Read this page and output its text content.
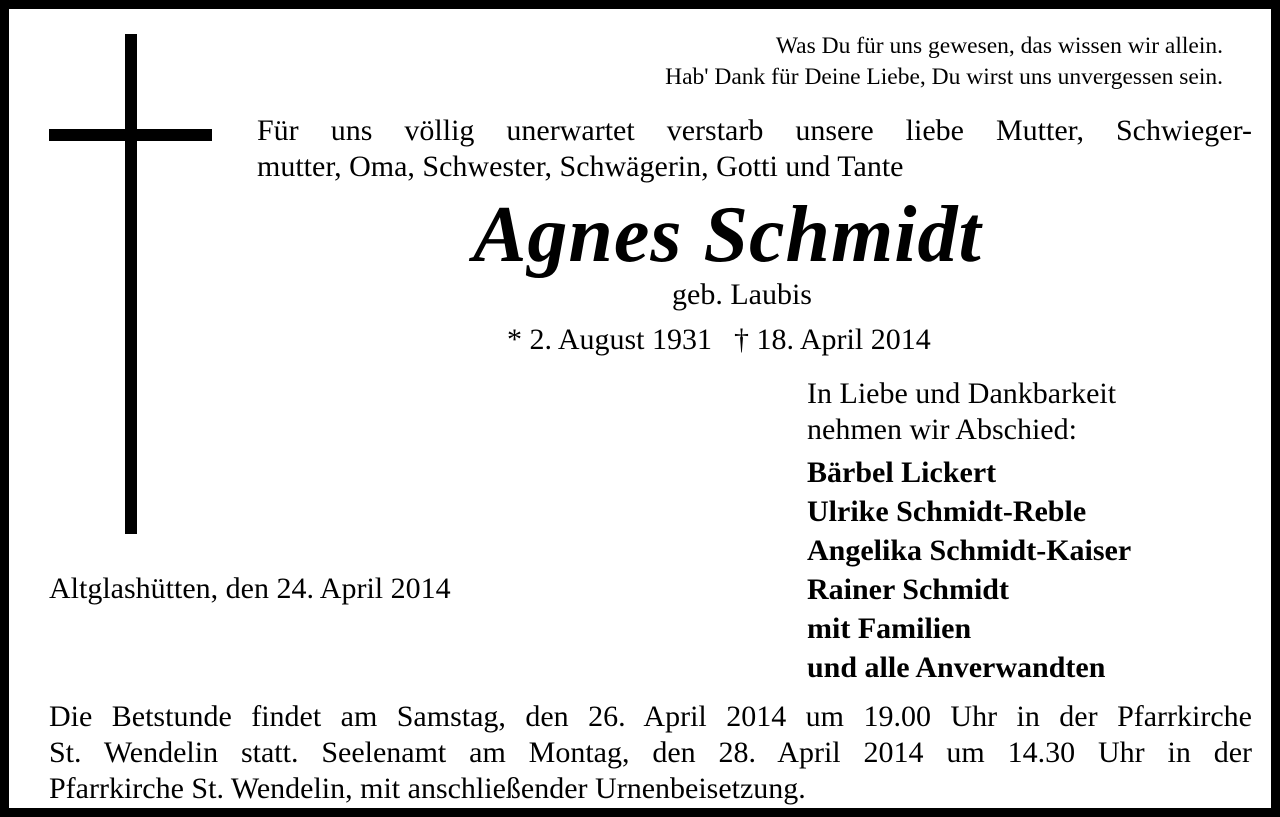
Was Du für uns gewesen, das wissen wir allein.
Hab' Dank für Deine Liebe, Du wirst uns unvergessen sein.
Für uns völlig unerwartet verstarb unsere liebe Mutter, Schwieger-
mutter, Oma, Schwester, Schwägerin, Gotti und Tante
Agnes Schmidt
geb. Laubis
* 2. August 1931 † 18. April 2014
In Liebe und Dankbarkeit
nehmen wir Abschied:
Bärbel Lickert
Ulrike Schmidt-Reble
Angelika Schmidt-Kaiser
Rainer Schmidt
mit Familien
und alle Anverwandten
Altglashütten, den 24. April 2014
Die Betstunde findet am Samstag, den 26. April 2014 um 19.00 Uhr in der Pfarrkirche
St. Wendelin statt. Seelenamt am Montag, den 28. April 2014 um 14.30 Uhr in der
Pfarrkirche St. Wendelin, mit anschließender Urnenbeisetzung.
